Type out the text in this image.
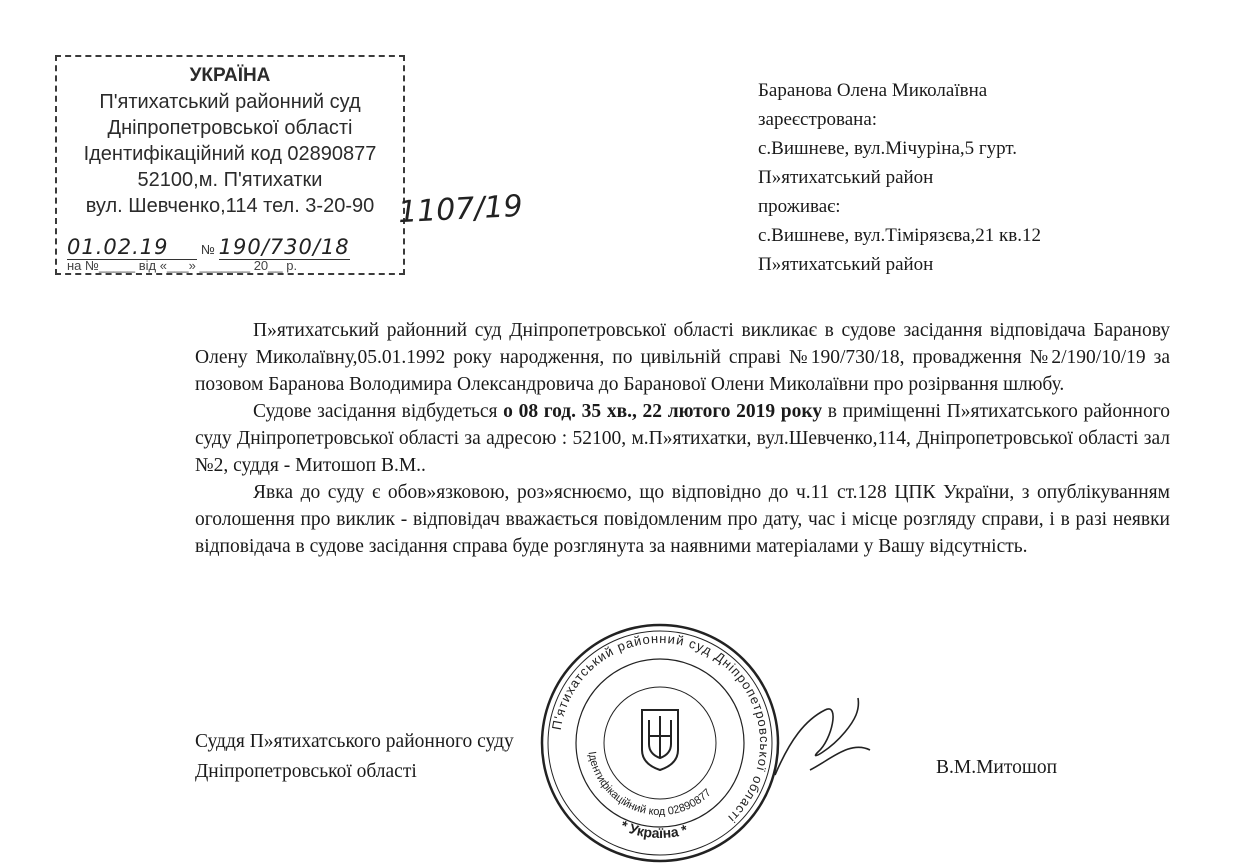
УКРАЇНА
П'ятихатський районний суд
Дніпропетровської області
Ідентифікаційний код 02890877
52100,м. П'ятихатки
вул. Шевченко,114 тел. 3-20-90
01.02.19	№ 190/730/18
на №_____ від «___» _______ 20__ р.
1107/19
Баранова Олена Миколаївна
зареєстрована:
с.Вишневе, вул.Мічуріна,5 гурт.
П»ятихатський район
проживає:
с.Вишневе, вул.Тімірязєва,21 кв.12
П»ятихатський район

П»ятихатський районний суд Дніпропетровської області викликає в судове засідання відповідача Баранову Олену Миколаївну,05.01.1992 року народження, по цивільній справі №190/730/18, провадження №2/190/10/19 за позовом Баранова Володимира Олександровича до Баранової Олени Миколаївни про розірвання шлюбу.

Судове засідання відбудеться о 08 год. 35 хв., 22 лютого 2019 року в приміщенні П»ятихатського районного суду Дніпропетровської області за адресою : 52100, м.П»ятихатки, вул.Шевченко,114, Дніпропетровської області зал №2, суддя - Митошоп В.М..

Явка до суду є обов»язковою, роз»яснюємо, що відповідно до ч.11 ст.128 ЦПК України, з опублікуванням оголошення про виклик - відповідач вважається повідомленим про дату, час і місце розгляду справи, і в разі неявки відповідача в судове засідання справа буде розглянута за наявними матеріалами у Вашу відсутність.

П'ятихатський районний суд Дніпропетровської області
Ідентифікаційний код 02890877
* Україна *
Суддя П»ятихатського районного суду
Дніпропетровської області	В.М.Митошоп
